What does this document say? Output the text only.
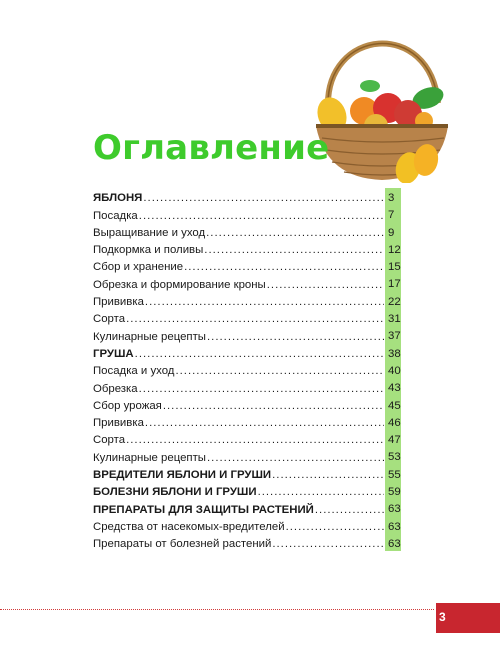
Оглавление
ЯБЛОНЯ .....	3
Посадка .....	7
Выращивание и уход .....	9
Подкормка и поливы .....	12
Сбор и хранение .....	15
Обрезка и формирование кроны .....	17
Прививка .....	22
Сорта .....	31
Кулинарные рецепты .....	37
ГРУША .....	38
Посадка и уход .....	40
Обрезка .....	43
Сбор урожая .....	45
Прививка .....	46
Сорта .....	47
Кулинарные рецепты .....	53
ВРЕДИТЕЛИ ЯБЛОНИ И ГРУШИ .....	55
БОЛЕЗНИ ЯБЛОНИ И ГРУШИ .....	59
ПРЕПАРАТЫ ДЛЯ ЗАЩИТЫ РАСТЕНИЙ .....	63
Средства от насекомых-вредителей .....	63
Препараты от болезней растений .....	63
3
